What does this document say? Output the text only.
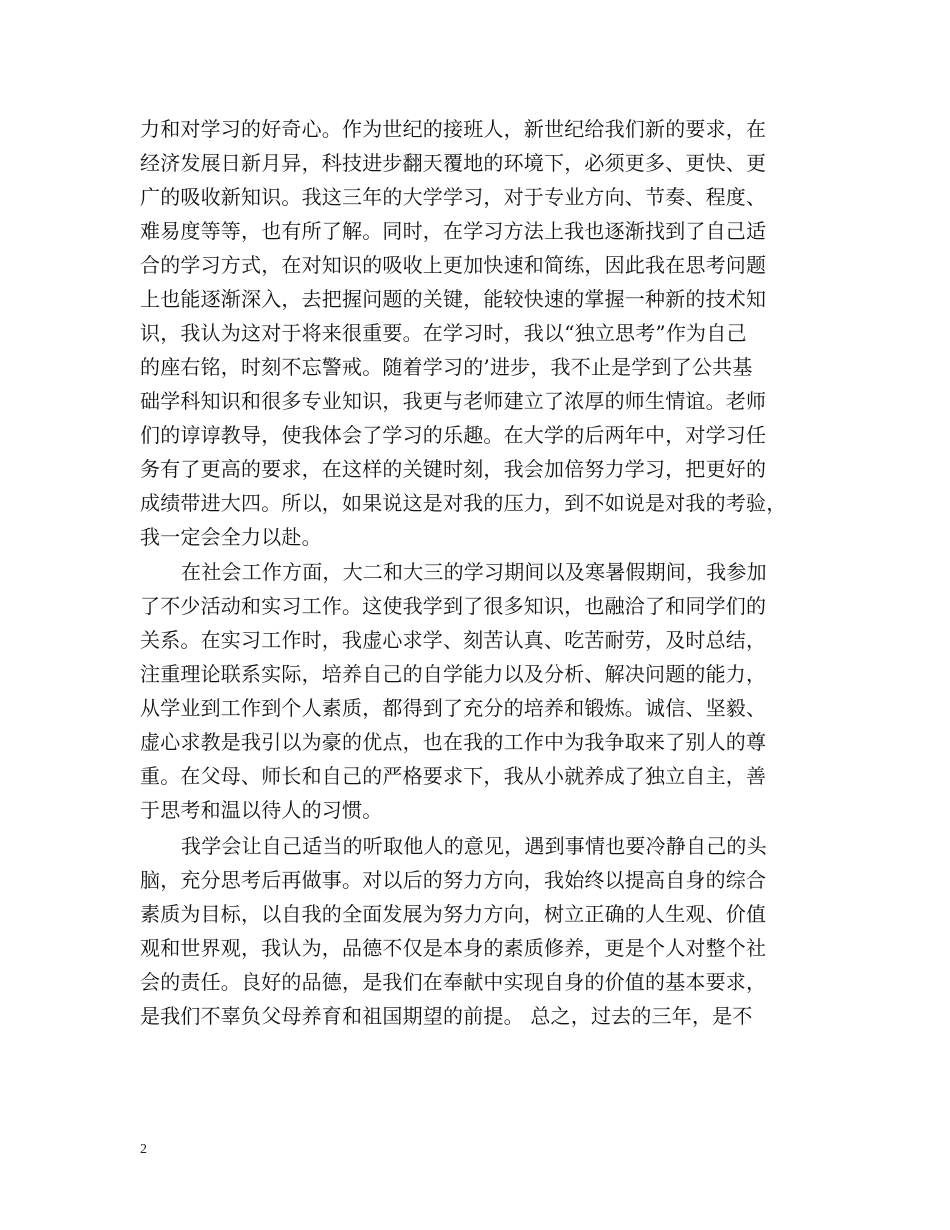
力和对学习的好奇心。作为世纪的接班人，新世纪给我们新的要求，在
经济发展日新月异，科技进步翻天覆地的环境下，必须更多、更快、更
广的吸收新知识。我这三年的大学学习，对于专业方向、节奏、程度、
难易度等等，也有所了解。同时，在学习方法上我也逐渐找到了自己适
合的学习方式，在对知识的吸收上更加快速和简练，因此我在思考问题
上也能逐渐深入，去把握问题的关键，能较快速的掌握一种新的技术知
识，我认为这对于将来很重要。在学习时，我以“独立思考”作为自己
的座右铭，时刻不忘警戒。随着学习的’进步，我不止是学到了公共基
础学科知识和很多专业知识，我更与老师建立了浓厚的师生情谊。老师
们的谆谆教导，使我体会了学习的乐趣。在大学的后两年中，对学习任
务有了更高的要求，在这样的关键时刻，我会加倍努力学习，把更好的
成绩带进大四。所以，如果说这是对我的压力，到不如说是对我的考验，
我一定会全力以赴。
在社会工作方面，大二和大三的学习期间以及寒暑假期间，我参加
了不少活动和实习工作。这使我学到了很多知识，也融洽了和同学们的
关系。在实习工作时，我虚心求学、刻苦认真、吃苦耐劳，及时总结，
注重理论联系实际，培养自己的自学能力以及分析、解决问题的能力，
从学业到工作到个人素质，都得到了充分的培养和锻炼。诚信、坚毅、
虚心求教是我引以为豪的优点，也在我的工作中为我争取来了别人的尊
重。在父母、师长和自己的严格要求下，我从小就养成了独立自主，善
于思考和温以待人的习惯。
我学会让自己适当的听取他人的意见，遇到事情也要冷静自己的头
脑，充分思考后再做事。对以后的努力方向，我始终以提高自身的综合
素质为目标，以自我的全面发展为努力方向，树立正确的人生观、价值
观和世界观，我认为，品德不仅是本身的素质修养，更是个人对整个社
会的责任。良好的品德，是我们在奉献中实现自身的价值的基本要求，
是我们不辜负父母养育和祖国期望的前提。 总之，过去的三年，是不
2
